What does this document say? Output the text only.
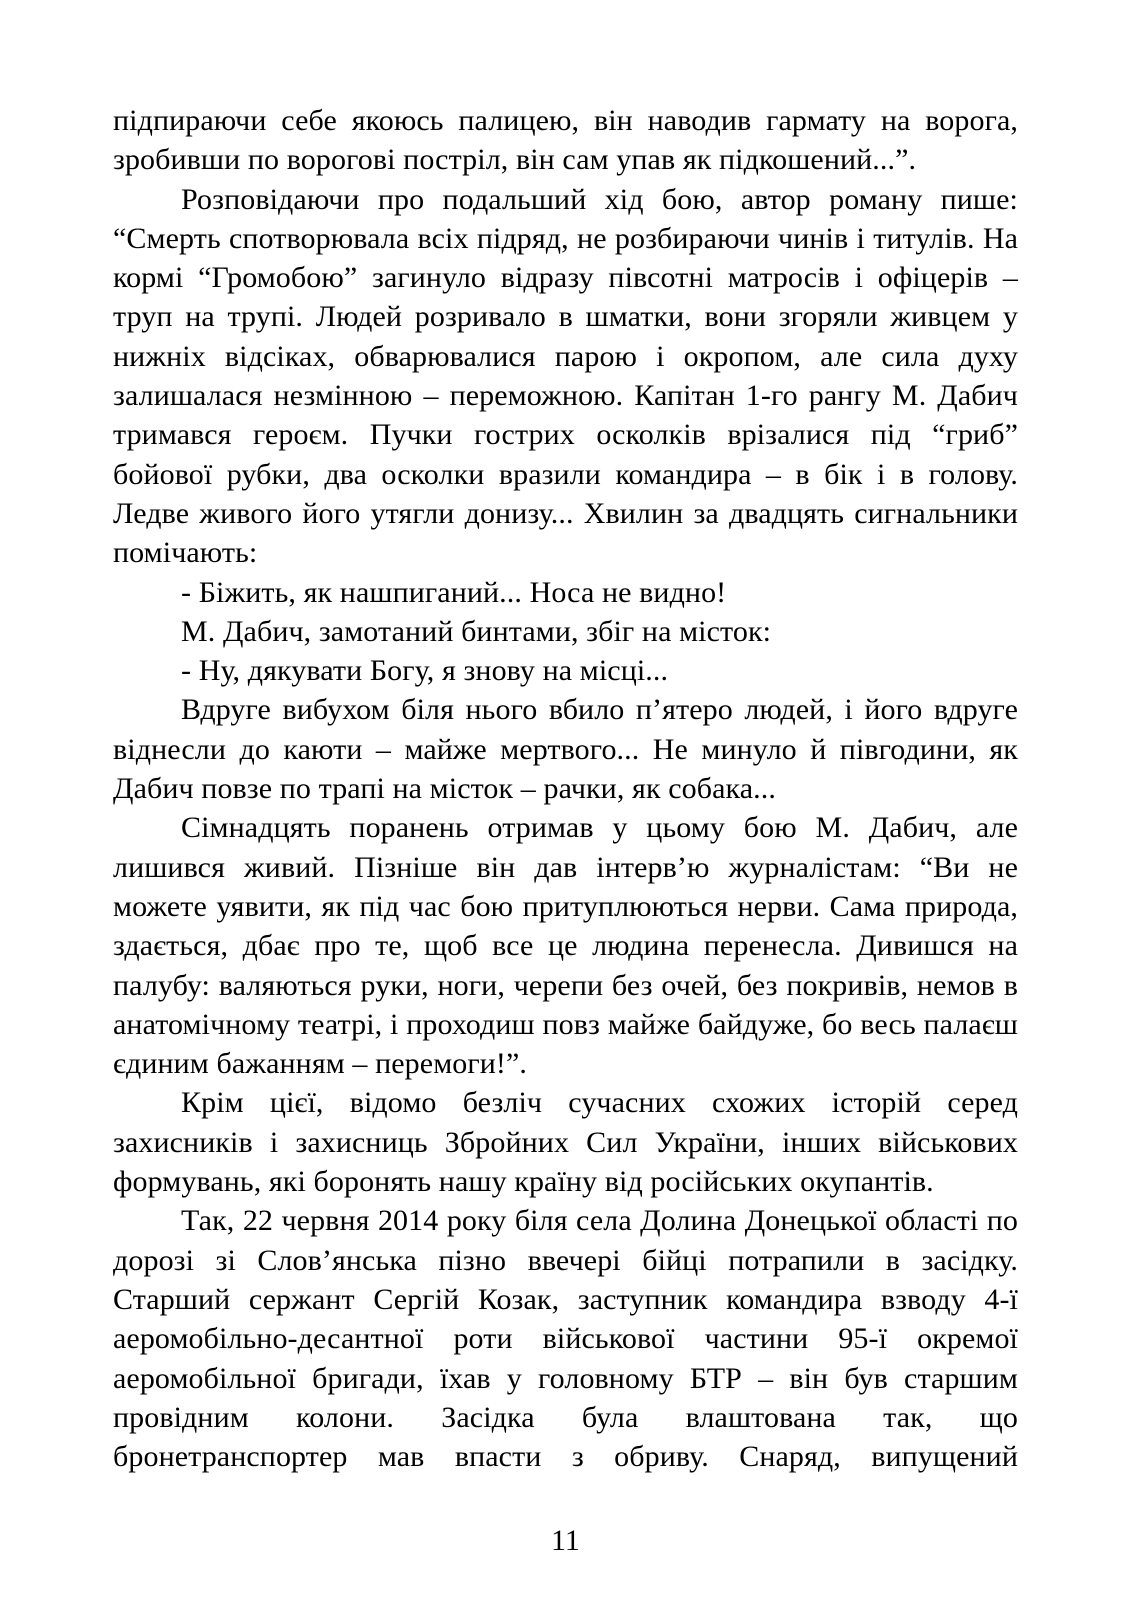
підпираючи себе якоюсь палицею, він наводив гармату на ворога, зробивши по ворогові постріл, він сам упав як підкошений...”.

Розповідаючи про подальший хід бою, автор роману пише: “Смерть спотворювала всіх підряд, не розбираючи чинів і титулів. На кормі “Громобою” загинуло відразу півсотні матросів і офіцерів – труп на трупі. Людей розривало в шматки, вони згоряли живцем у нижніх відсіках, обварювалися парою і окропом, але сила духу залишалася незмінною – переможною. Капітан 1-го рангу М. Дабич тримався героєм. Пучки гострих осколків врізалися під “гриб” бойової рубки, два осколки вразили командира – в бік і в голову. Ледве живого його утягли донизу... Хвилин за двадцять сигнальники помічають:

- Біжить, як нашпиганий... Носа не видно!

М. Дабич, замотаний бинтами, збіг на місток:

- Ну, дякувати Богу, я знову на місці...

Вдруге вибухом біля нього вбило п’ятеро людей, і його вдруге віднесли до каюти – майже мертвого... Не минуло й півгодини, як Дабич повзе по трапі на місток – рачки, як собака...

Сімнадцять поранень отримав у цьому бою М. Дабич, але лишився живий. Пізніше він дав інтерв’ю журналістам: “Ви не можете уявити, як під час бою притуплюються нерви. Сама природа, здається, дбає про те, щоб все це людина перенесла. Дивишся на палубу: валяються руки, ноги, черепи без очей, без покривів, немов в анатомічному театрі, і проходиш повз майже байдуже, бо весь палаєш єдиним бажанням – перемоги!”.

Крім цієї, відомо безліч сучасних схожих історій серед захисників і захисниць Збройних Сил України, інших військових формувань, які боронять нашу країну від російських окупантів.

Так, 22 червня 2014 року біля села Долина Донецької області по дорозі зі Слов’янська пізно ввечері бійці потрапили в засідку. Старший сержант Сергій Козак, заступник командира взводу 4-ї аеромобільно-десантної роти військової частини 95-ї окремої аеромобільної бригади, їхав у головному БТР – він був старшим провідним колони. Засідка була влаштована так, що бронетранспортер мав впасти з обриву. Снаряд, випущений

11
